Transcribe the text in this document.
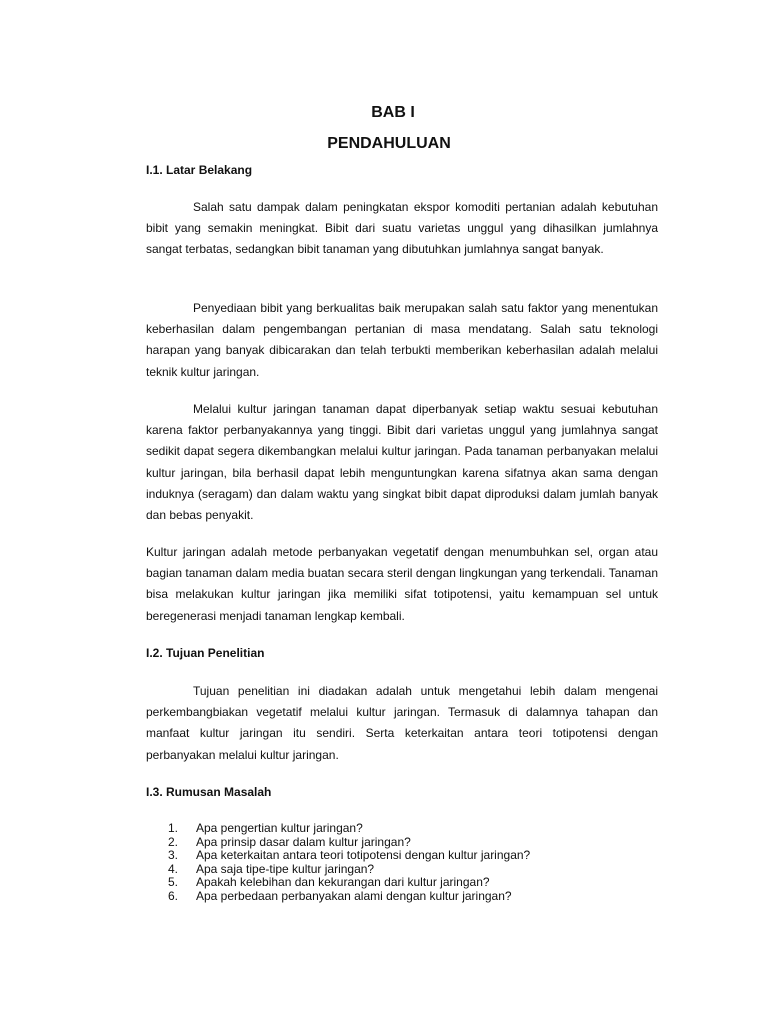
BAB I
PENDAHULUAN
I.1. Latar Belakang

Salah satu dampak dalam peningkatan ekspor komoditi pertanian adalah kebutuhan bibit yang semakin meningkat. Bibit dari suatu varietas unggul yang dihasilkan jumlahnya sangat terbatas, sedangkan bibit tanaman yang dibutuhkan jumlahnya sangat banyak.

Penyediaan bibit yang berkualitas baik merupakan salah satu faktor yang menentukan keberhasilan dalam pengembangan pertanian di masa mendatang. Salah satu teknologi harapan yang banyak dibicarakan dan telah terbukti memberikan keberhasilan adalah melalui teknik kultur jaringan.

Melalui kultur jaringan tanaman dapat diperbanyak setiap waktu sesuai kebutuhan karena faktor perbanyakannya yang tinggi. Bibit dari varietas unggul yang jumlahnya sangat sedikit dapat segera dikembangkan melalui kultur jaringan. Pada tanaman perbanyakan melalui kultur jaringan, bila berhasil dapat lebih menguntungkan karena sifatnya akan sama dengan induknya (seragam) dan dalam waktu yang singkat bibit dapat diproduksi dalam jumlah banyak dan bebas penyakit.

Kultur jaringan adalah metode perbanyakan vegetatif dengan menumbuhkan sel, organ atau bagian tanaman dalam media buatan secara steril dengan lingkungan yang terkendali. Tanaman bisa melakukan kultur jaringan jika memiliki sifat totipotensi, yaitu kemampuan sel untuk beregenerasi menjadi tanaman lengkap kembali.

I.2. Tujuan Penelitian

Tujuan penelitian ini diadakan adalah untuk mengetahui lebih dalam mengenai perkembangbiakan vegetatif melalui kultur jaringan. Termasuk di dalamnya tahapan dan manfaat kultur jaringan itu sendiri. Serta keterkaitan antara teori totipotensi dengan perbanyakan melalui kultur jaringan.

I.3. Rumusan Masalah
1.	Apa pengertian kultur jaringan?
2.	Apa prinsip dasar dalam kultur jaringan?
3.	Apa keterkaitan antara teori totipotensi dengan kultur jaringan?
4.	Apa saja tipe-tipe kultur jaringan?
5.	Apakah kelebihan dan kekurangan dari kultur jaringan?
6.	Apa perbedaan perbanyakan alami dengan kultur jaringan?
